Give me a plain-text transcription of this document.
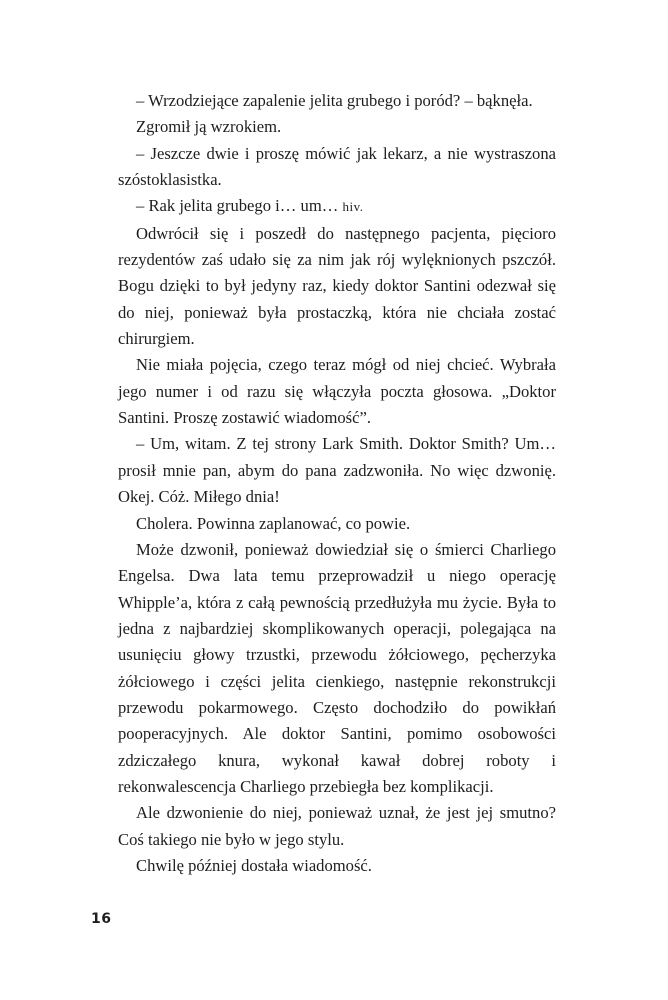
– Wrzodziejące zapalenie jelita grubego i poród? – bąknęła.

Zgromił ją wzrokiem.

– Jeszcze dwie i proszę mówić jak lekarz, a nie wystraszona szóstoklasistka.

– Rak jelita grubego i… um… hiv.

Odwrócił się i poszedł do następnego pacjenta, pięcioro rezydentów zaś udało się za nim jak rój wylęknionych pszczół. Bogu dzięki to był jedyny raz, kiedy doktor Santini odezwał się do niej, ponieważ była prostaczką, która nie chciała zostać chirurgiem.

Nie miała pojęcia, czego teraz mógł od niej chcieć. Wybrała jego numer i od razu się włączyła poczta głosowa. „Doktor Santini. Proszę zostawić wiadomość”.

– Um, witam. Z tej strony Lark Smith. Doktor Smith? Um… prosił mnie pan, abym do pana zadzwoniła. No więc dzwonię. Okej. Cóż. Miłego dnia!

Cholera. Powinna zaplanować, co powie.

Może dzwonił, ponieważ dowiedział się o śmierci Charliego Engelsa. Dwa lata temu przeprowadził u niego operację Whipple’a, która z całą pewnością przedłużyła mu życie. Była to jedna z najbardziej skomplikowanych operacji, polegająca na usunięciu głowy trzustki, przewodu żółciowego, pęcherzyka żółciowego i części jelita cienkiego, następnie rekonstrukcji przewodu pokarmowego. Często dochodziło do powikłań pooperacyjnych. Ale doktor Santini, pomimo osobowości zdziczałego knura, wykonał kawał dobrej roboty i rekonwalescencja Charliego przebiegła bez komplikacji.

Ale dzwonienie do niej, ponieważ uznał, że jest jej smutno? Coś takiego nie było w jego stylu.

Chwilę później dostała wiadomość.

16
